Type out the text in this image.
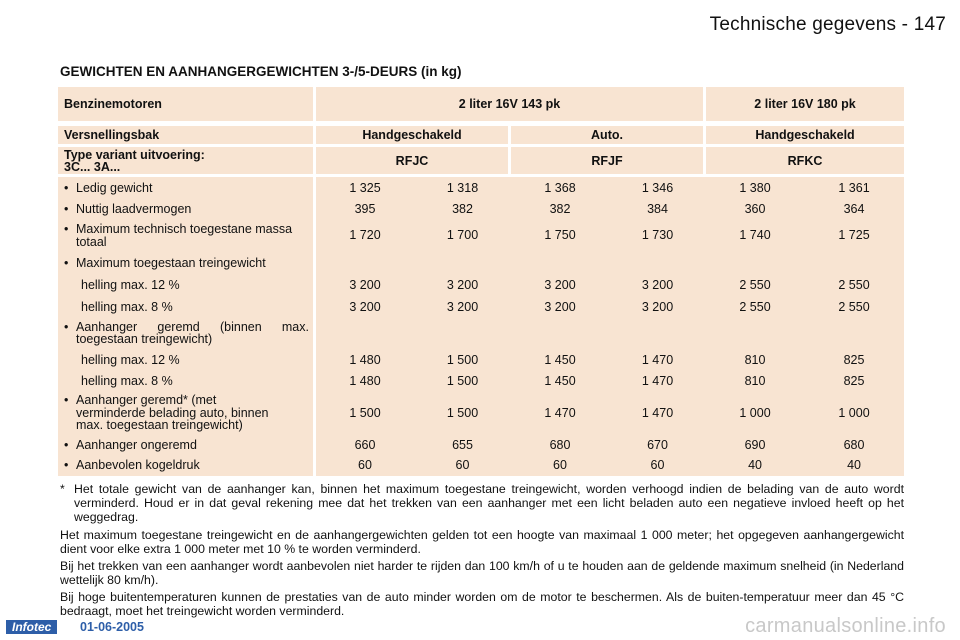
Technische gegevens - 147
GEWICHTEN EN AANHANGERGEWICHTEN 3-/5-DEURS (in kg)
Benzinemotoren	2 liter 16V 143 pk				2 liter 16V 180 pk	
Versnellingsbak	Handgeschakeld		Auto.		Handgeschakeld	

Type variant uitvoering:
3C... 3A...	RFJC		RFJF		RFKC	

• Ledig gewicht	1 325	1 318	1 368	1 346	1 380	1 361

• Nuttig laadvermogen	395	382	382	384	360	364

• Maximum technisch toegestane massa totaal	1 720	1 700	1 750	1 730	1 740	1 725

• Maximum toegestaan treingewicht						

helling max. 12 %	3 200	3 200	3 200	3 200	2 550	2 550

helling max. 8 %	3 200	3 200	3 200	3 200	2 550	2 550

• Aanhanger geremd (binnen max.
toegestaan treingewicht)						

helling max. 12 %	1 480	1 500	1 450	1 470	810	825

helling max. 8 %	1 480	1 500	1 450	1 470	810	825

• Aanhanger geremd* (met
verminderde belading auto, binnen
max. toegestaan treingewicht)	1 500	1 500	1 470	1 470	1 000	1 000

• Aanhanger ongeremd	660	655	680	670	690	680

• Aanbevolen kogeldruk	60	60	60	60	40	40
* Het totale gewicht van de aanhanger kan, binnen het maximum toegestane treingewicht, worden verhoogd indien de belading van de auto wordt verminderd. Houd er in dat geval rekening mee dat het trekken van een aanhanger met een licht beladen auto een negatieve invloed heeft op het weggedrag.

Het maximum toegestane treingewicht en de aanhangergewichten gelden tot een hoogte van maximaal 1 000 meter; het opgegeven aanhangergewicht dient voor elke extra 1 000 meter met 10 % te worden verminderd.

Bij het trekken van een aanhanger wordt aanbevolen niet harder te rijden dan 100 km/h of u te houden aan de geldende maximum snelheid (in Nederland wettelijk 80 km/h).

Bij hoge buitentemperaturen kunnen de prestaties van de auto minder worden om de motor te beschermen. Als de buiten-temperatuur meer dan 45 °C bedraagt, moet het treingewicht worden verminderd.

Infotec	01-06-2005	carmanualsonline.info
